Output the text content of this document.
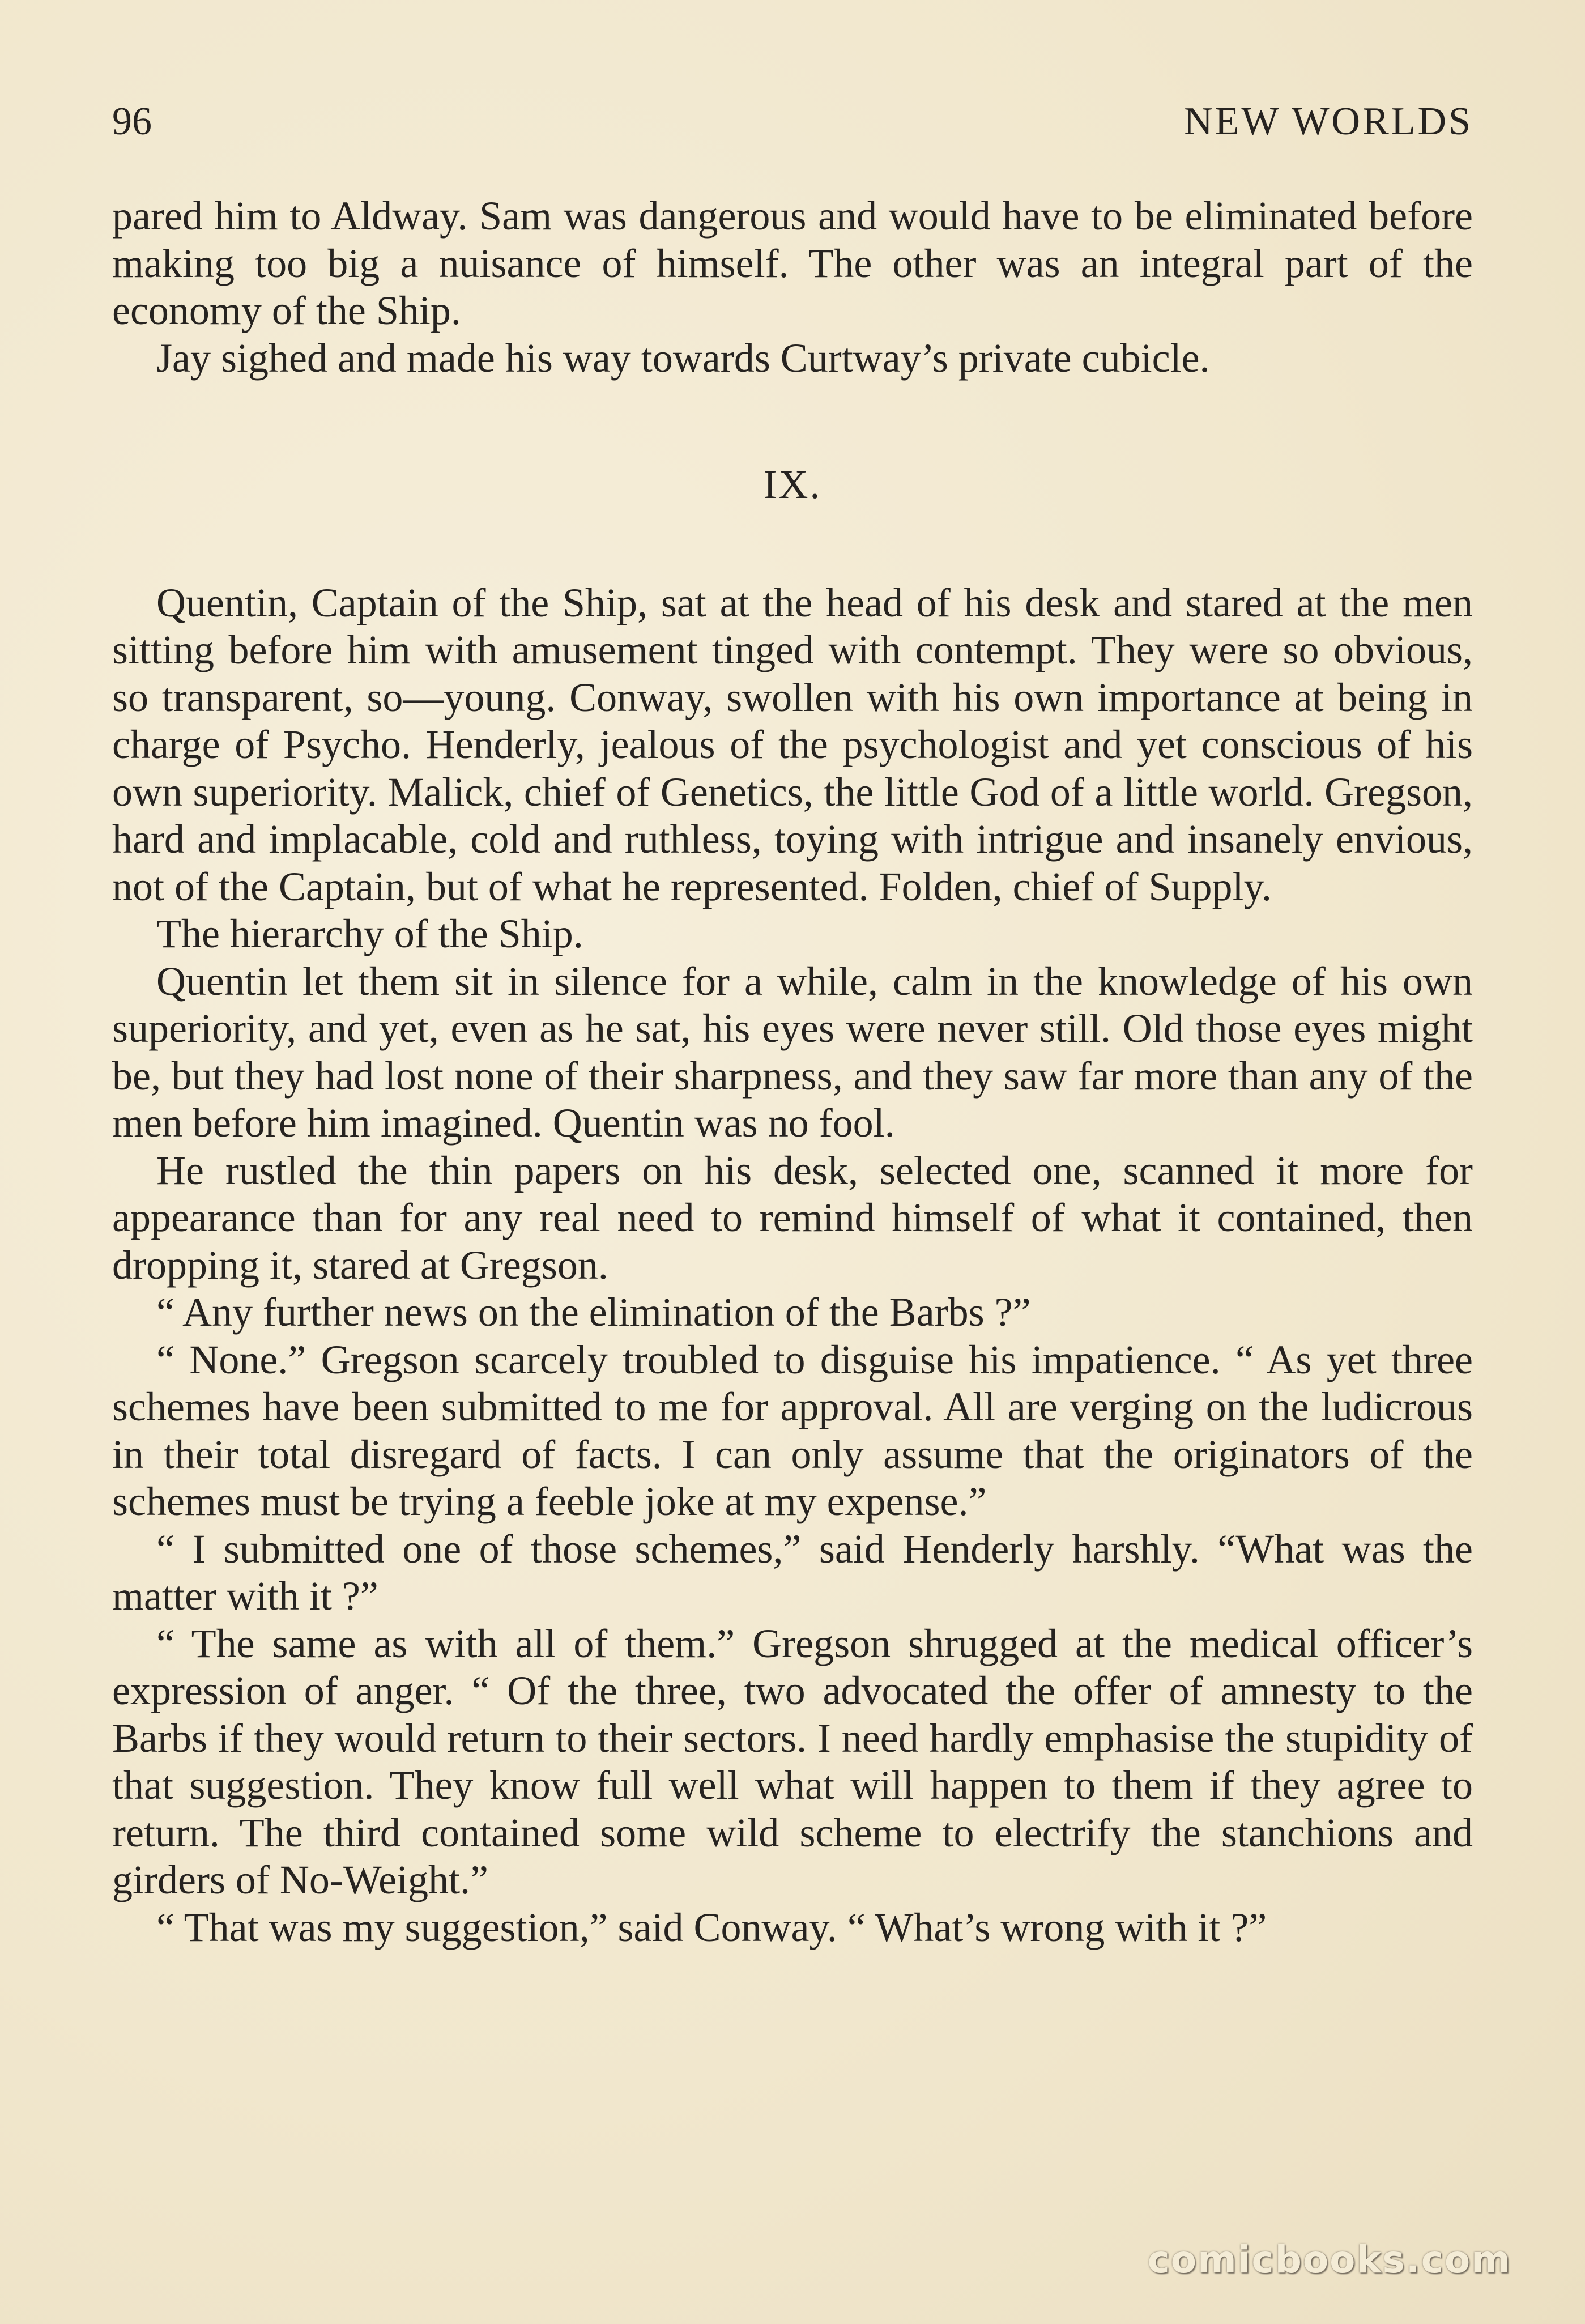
96	NEW WORLDS

pared him to Aldway. Sam was dangerous and would have to be eliminated before making too big a nuisance of himself. The other was an integral part of the economy of the Ship.

Jay sighed and made his way towards Curtway’s private cubicle.

IX.

Quentin, Captain of the Ship, sat at the head of his desk and stared at the men sitting before him with amusement tinged with contempt. They were so obvious, so transparent, so—young. Conway, swollen with his own importance at being in charge of Psycho. Henderly, jealous of the psychologist and yet conscious of his own superiority. Malick, chief of Genetics, the little God of a little world. Gregson, hard and implacable, cold and ruthless, toying with intrigue and insanely envious, not of the Captain, but of what he represented. Folden, chief of Supply.

The hierarchy of the Ship.

Quentin let them sit in silence for a while, calm in the knowledge of his own superiority, and yet, even as he sat, his eyes were never still. Old those eyes might be, but they had lost none of their sharpness, and they saw far more than any of the men before him imagined. Quentin was no fool.

He rustled the thin papers on his desk, selected one, scanned it more for appearance than for any real need to remind himself of what it contained, then dropping it, stared at Gregson.

“ Any further news on the elimination of the Barbs ?”

“ None.” Gregson scarcely troubled to disguise his impatience. “ As yet three schemes have been submitted to me for approval. All are verging on the ludicrous in their total disregard of facts. I can only assume that the originators of the schemes must be trying a feeble joke at my expense.”

“ I submitted one of those schemes,” said Henderly harshly. “What was the matter with it ?”

“ The same as with all of them.” Gregson shrugged at the medical officer’s expression of anger. “ Of the three, two advocated the offer of amnesty to the Barbs if they would return to their sectors. I need hardly emphasise the stupidity of that suggestion. They know full well what will happen to them if they agree to return. The third contained some wild scheme to electrify the stanchions and girders of No-Weight.”

“ That was my suggestion,” said Conway. “ What’s wrong with it ?”

comicbooks.com
